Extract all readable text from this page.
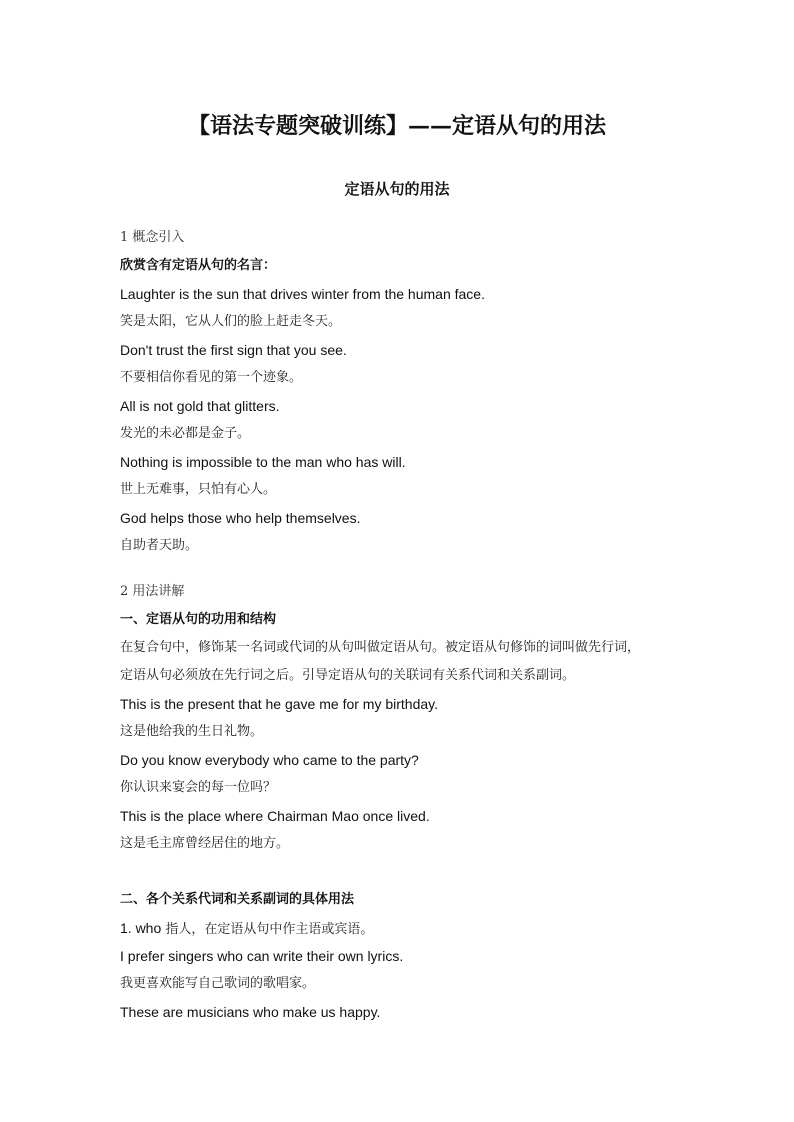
【语法专题突破训练】——定语从句的用法
定语从句的用法
1 概念引入
欣赏含有定语从句的名言：
Laughter is the sun that drives winter from the human face.
笑是太阳，它从人们的脸上赶走冬天。
Don't trust the first sign that you see.
不要相信你看见的第一个迹象。
All is not gold that glitters.
发光的未必都是金子。
Nothing is impossible to the man who has will.
世上无难事，只怕有心人。
God helps those who help themselves.
自助者天助。
2 用法讲解
一、定语从句的功用和结构
在复合句中，修饰某一名词或代词的从句叫做定语从句。被定语从句修饰的词叫做先行词，
定语从句必须放在先行词之后。引导定语从句的关联词有关系代词和关系副词。
This is the present that he gave me for my birthday.
这是他给我的生日礼物。
Do you know everybody who came to the party?
你认识来宴会的每一位吗？
This is the place where Chairman Mao once lived.
这是毛主席曾经居住的地方。
二、各个关系代词和关系副词的具体用法
1. who 指人，在定语从句中作主语或宾语。
I prefer singers who can write their own lyrics.
我更喜欢能写自己歌词的歌唱家。
These are musicians who make us happy.
